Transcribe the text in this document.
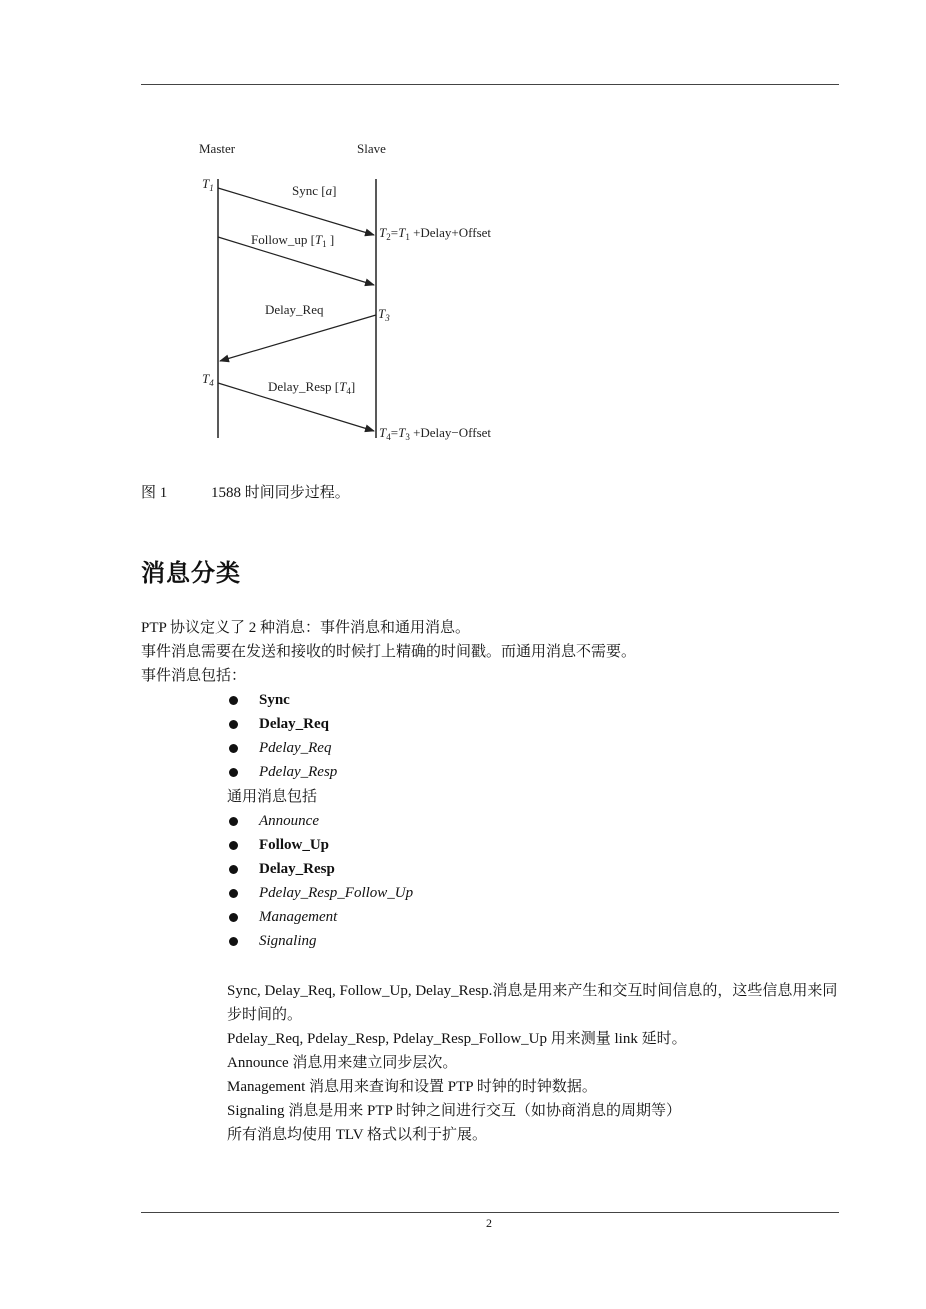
Master	Slave
$T_1$	Sync [a]
$T_2=T_1$ +Delay+Offset
Follow_up [$T_1$ ]
Delay_Req	$T_3$
$T_4$	Delay_Resp $[T_4]$
$T_4=T_3$ +Delay−Offset
图 1	1588 时间同步过程。
消息分类
PTP 协议定义了 2 种消息：事件消息和通用消息。
事件消息需要在发送和接收的时候打上精确的时间戳。而通用消息不需要。
事件消息包括：
Sync
Delay_Req
Pdelay_Req
Pdelay_Resp
通用消息包括
Announce
Follow_Up
Delay_Resp
Pdelay_Resp_Follow_Up
Management
Signaling
Sync, Delay_Req, Follow_Up, Delay_Resp.消息是用来产生和交互时间信息的，这些信息用来同步时间的。
Pdelay_Req, Pdelay_Resp, Pdelay_Resp_Follow_Up 用来测量 link 延时。
Announce 消息用来建立同步层次。
Management 消息用来查询和设置 PTP 时钟的时钟数据。
Signaling 消息是用来 PTP 时钟之间进行交互（如协商消息的周期等）
所有消息均使用 TLV 格式以利于扩展。
2
